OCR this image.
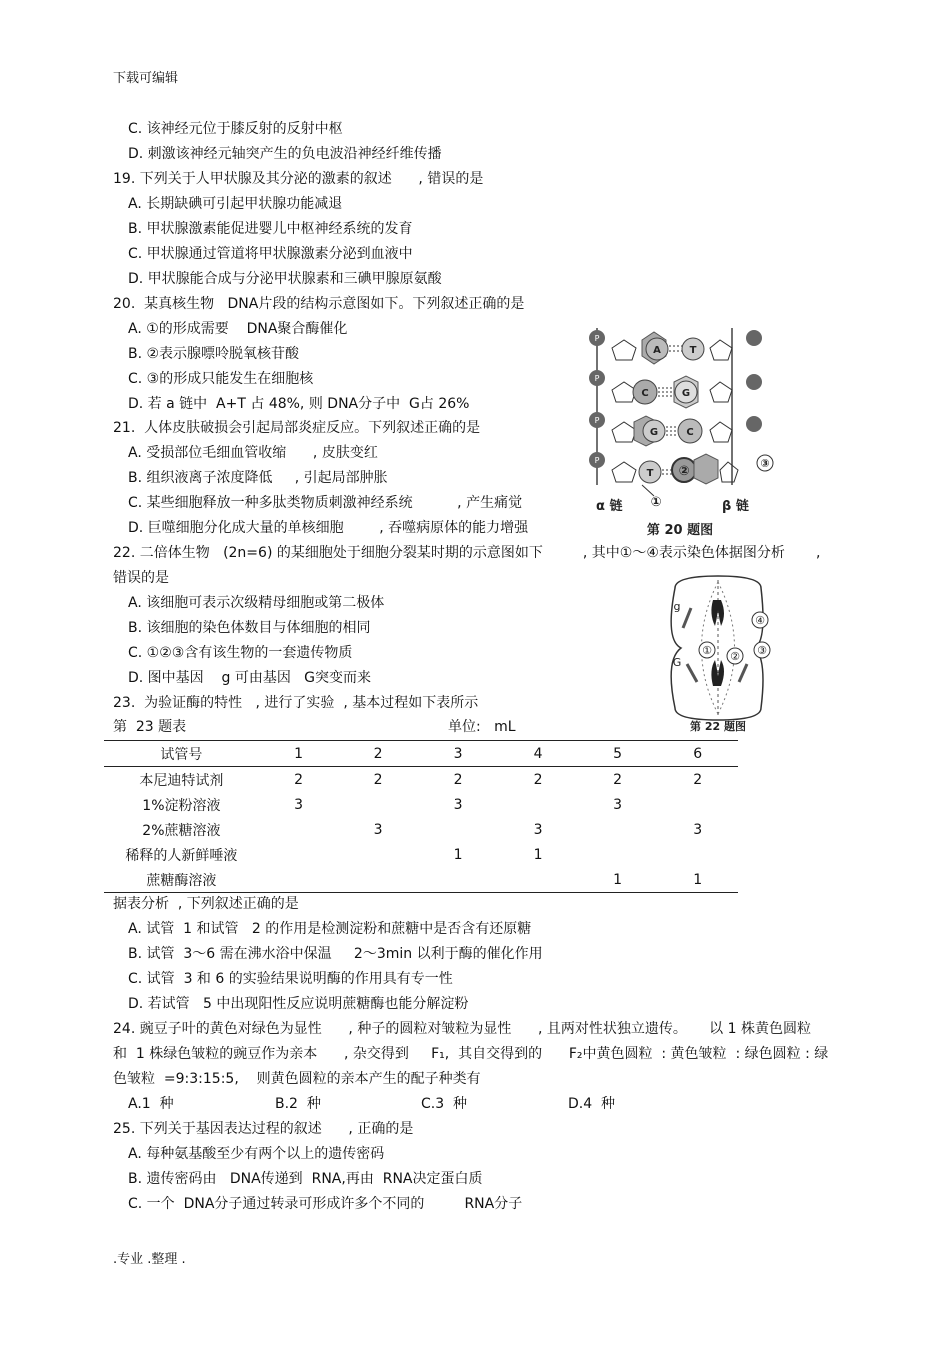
下载可编辑
C. 该神经元位于膝反射的反射中枢
D. 刺激该神经元轴突产生的负电波沿神经纤维传播
19. 下列关于人甲状腺及其分泌的激素的叙述      , 错误的是
A. 长期缺碘可引起甲状腺功能减退
B. 甲状腺激素能促进婴儿中枢神经系统的发育
C. 甲状腺通过管道将甲状腺激素分泌到血液中
D. 甲状腺能合成与分泌甲状腺素和三碘甲腺原氨酸
20.  某真核生物   DNA片段的结构示意图如下。下列叙述正确的是
A. ①的形成需要    DNA聚合酶催化
B. ②表示腺嘌呤脱氧核苷酸
C. ③的形成只能发生在细胞核
D. 若 a 链中  A+T 占 48%, 则 DNA分子中  G占 26%
P
P
P
P
A
C
G
T
T
G
C
②
③
①
α 链	β 链
第 20 题图
21.  人体皮肤破损会引起局部炎症反应。下列叙述正确的是
A. 受损部位毛细血管收缩      , 皮肤变红
B. 组织液离子浓度降低     , 引起局部肿胀
C. 某些细胞释放一种多肽类物质刺激神经系统          , 产生痛觉
D. 巨噬细胞分化成大量的单核细胞        , 吞噬病原体的能力增强
22. 二倍体生物   (2n=6) 的某细胞处于细胞分裂某时期的示意图如下         , 其中①～④表示染色体据图分析       ,
错误的是
A. 该细胞可表示次级精母细胞或第二极体
B. 该细胞的染色体数目与体细胞的相同
C. ①②③含有该生物的一套遗传物质
D. 图中基因    g 可由基因   G突变而来
① ② ③
④
g
G
第 22 题图
23.  为验证酶的特性   , 进行了实验  , 基本过程如下表所示
第  23 题表	单位:   mL
试管号	1	2	3	4	5	6
本尼迪特试剂	2	2	2	2	2	2
1%淀粉溶液	3		3		3	
2%蔗糖溶液		3		3		3
稀释的人新鲜唾液			1	1		
蔗糖酶溶液					1	1
据表分析  , 下列叙述正确的是
A. 试管  1 和试管   2 的作用是检测淀粉和蔗糖中是否含有还原糖
B. 试管  3～6 需在沸水浴中保温     2～3min 以利于酶的催化作用
C. 试管  3 和 6 的实验结果说明酶的作用具有专一性
D. 若试管   5 中出现阳性反应说明蔗糖酶也能分解淀粉
24. 豌豆子叶的黄色对绿色为显性      , 种子的圆粒对皱粒为显性      , 且两对性状独立遗传。     以 1 株黄色圆粒
和  1 株绿色皱粒的豌豆作为亲本      , 杂交得到     F₁,  其自交得到的      F₂中黄色圆粒  : 黄色皱粒  : 绿色圆粒 : 绿
色皱粒  =9:3:15:5,    则黄色圆粒的亲本产生的配子种类有
A.1  种	B.2  种	C.3  种	D.4  种
25. 下列关于基因表达过程的叙述      , 正确的是
A. 每种氨基酸至少有两个以上的遗传密码
B. 遗传密码由   DNA传递到  RNA,再由  RNA决定蛋白质
C. 一个  DNA分子通过转录可形成许多个不同的         RNA分子
.专业 .整理 .
